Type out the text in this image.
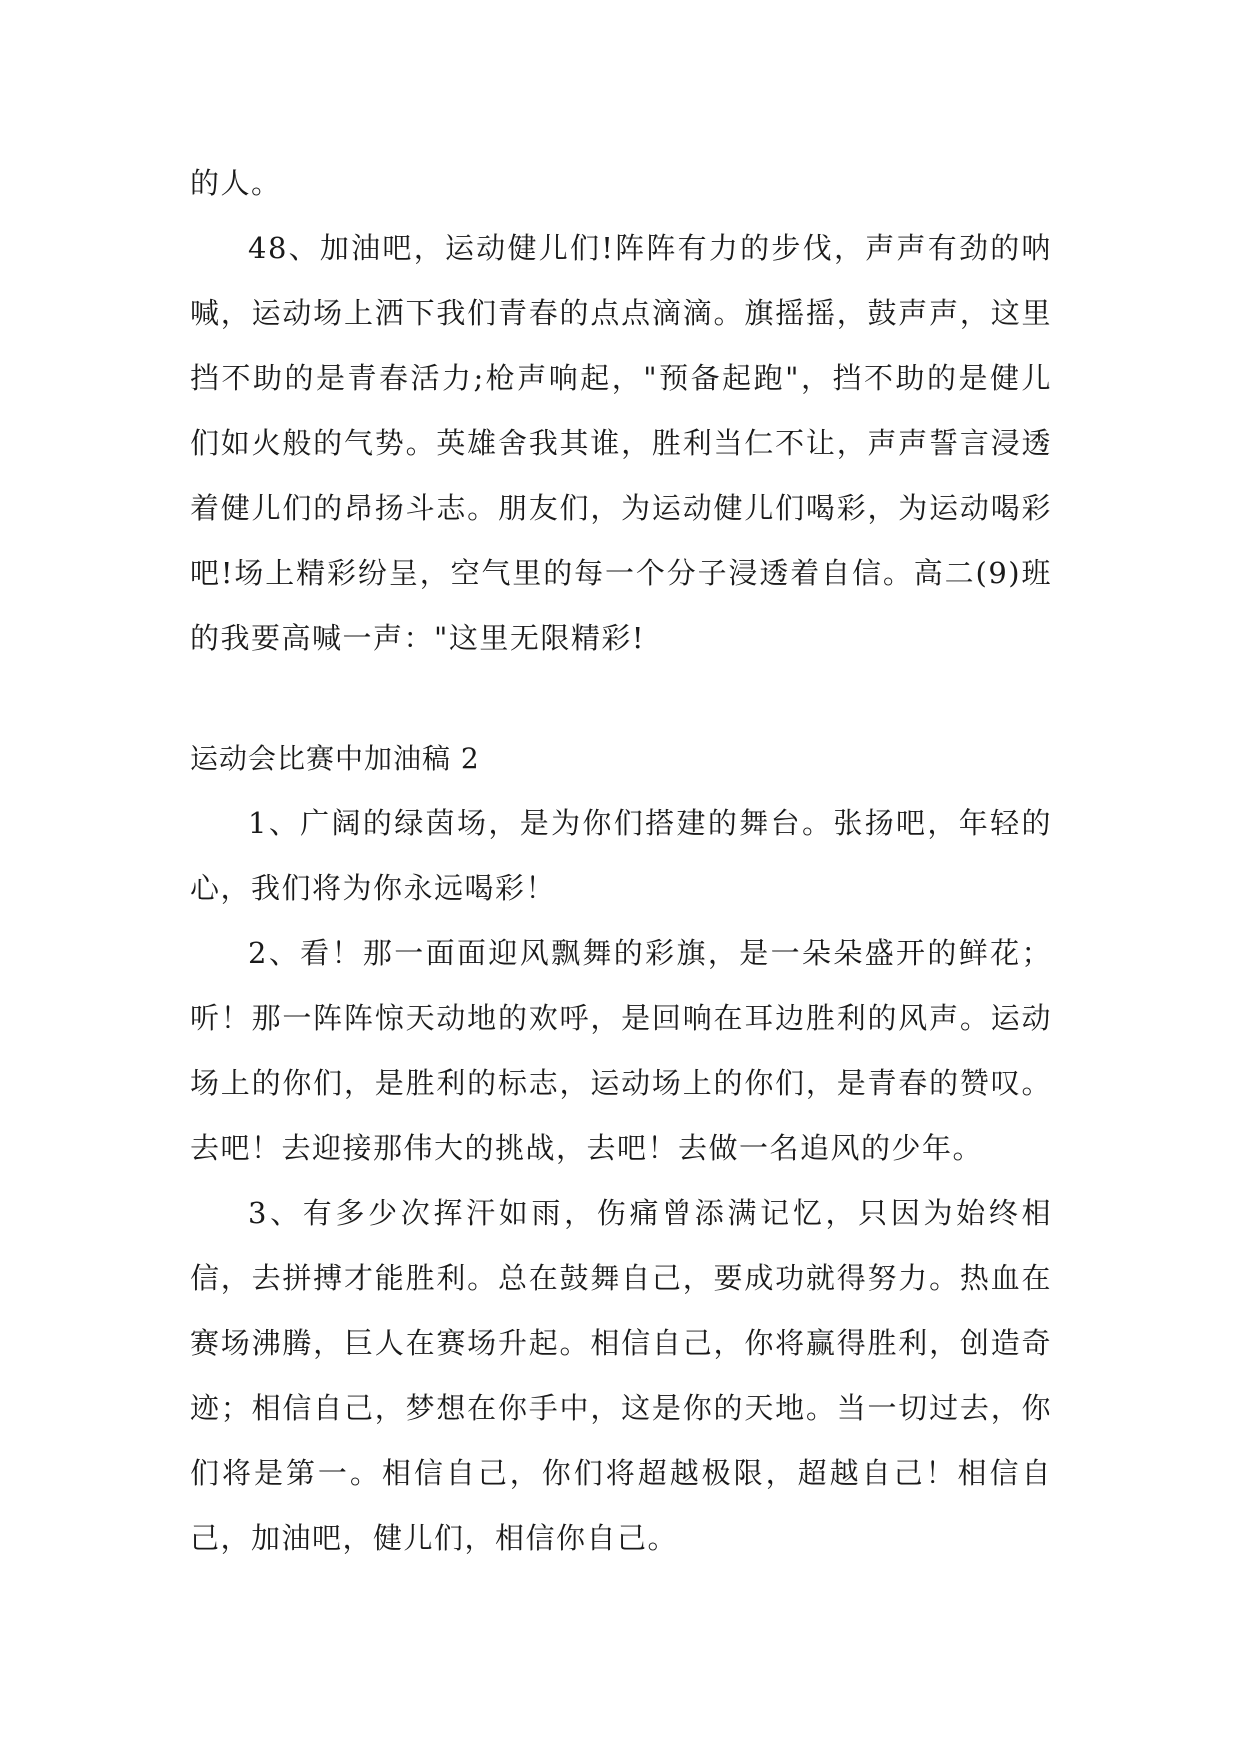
的人。

48、加油吧，运动健儿们!阵阵有力的步伐，声声有劲的呐喊，运动场上洒下我们青春的点点滴滴。旗摇摇，鼓声声，这里挡不助的是青春活力;枪声响起，"预备起跑"，挡不助的是健儿们如火般的气势。英雄舍我其谁，胜利当仁不让，声声誓言浸透着健儿们的昂扬斗志。朋友们，为运动健儿们喝彩，为运动喝彩吧!场上精彩纷呈，空气里的每一个分子浸透着自信。高二(9)班的我要高喊一声："这里无限精彩!

运动会比赛中加油稿 2

1、广阔的绿茵场，是为你们搭建的舞台。张扬吧，年轻的心，我们将为你永远喝彩！

2、看！那一面面迎风飘舞的彩旗，是一朵朵盛开的鲜花；听！那一阵阵惊天动地的欢呼，是回响在耳边胜利的风声。运动场上的你们，是胜利的标志，运动场上的你们，是青春的赞叹。去吧！去迎接那伟大的挑战，去吧！去做一名追风的少年。

3、有多少次挥汗如雨，伤痛曾添满记忆，只因为始终相信，去拼搏才能胜利。总在鼓舞自己，要成功就得努力。热血在赛场沸腾，巨人在赛场升起。相信自己，你将赢得胜利，创造奇迹；相信自己，梦想在你手中，这是你的天地。当一切过去，你们将是第一。相信自己，你们将超越极限，超越自己！相信自己，加油吧，健儿们，相信你自己。
